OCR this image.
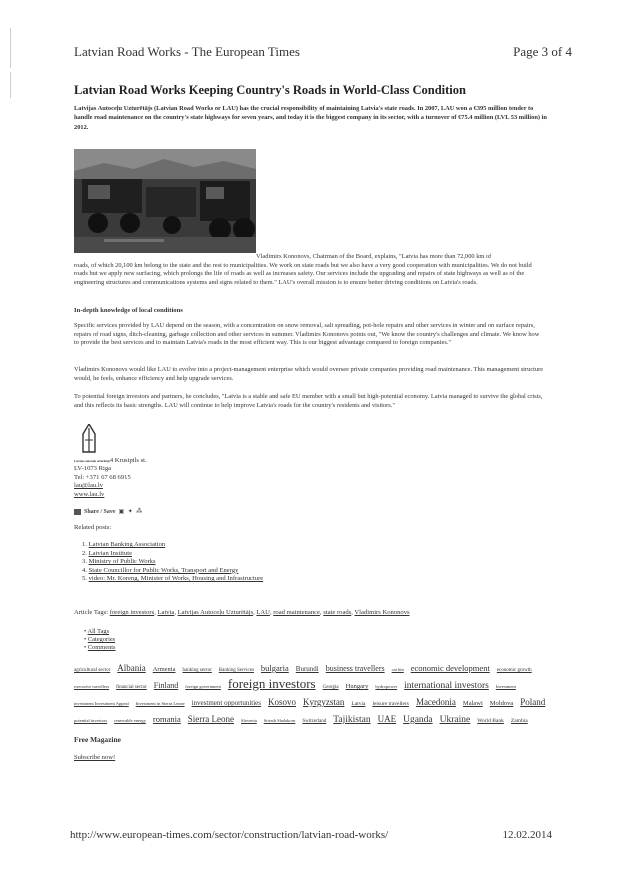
Latvian Road Works - The European Times	Page 3 of 4
Latvian Road Works Keeping Country's Roads in World-Class Condition
Latvijas Autoceļu Uzturētājs (Latvian Road Works or LAU) has the crucial responsibility of maintaining Latvia's state roads. In 2007, LAU won a €395 million tender to handle road maintenance on the country's state highways for seven years, and today it is the biggest company in its sector, with a turnover of €75.4 million (LVL 53 million) in 2012.
Vladimirs Kononovs, Chairman of the Board, explains, "Latvia has more than 72,000 km of
roads, of which 20,100 km belong to the state and the rest to municipalities. We work on state roads but we also have a very good cooperation with municipalities. We do not build roads but we apply new surfacing, which prolongs the life of roads as well as increases safety. Our services include the upgrading and repairs of state highways as well as of the engineering structures and communications systems and signs related to them." LAU's overall mission is to ensure better driving conditions on Latvia's roads.
In-depth knowledge of local conditions
Specific services provided by LAU depend on the season, with a concentration on snow removal, salt spreading, pot-hole repairs and other services in winter and on surface repairs, repairs of road signs, ditch-cleaning, garbage collection and other services in summer. Vladimirs Kononovs points out, "We know the country's challenges and climate. We know how to provide the best services and to maintain Latvia's roads in the most efficient way. This is our biggest advantage compared to foreign companies."
Vladimirs Kononovs would like LAU to evolve into a project-management enterprise which would oversee private companies providing road maintenance. This management structure would, he feels, enhance efficiency and help upgrade services.
To potential foreign investors and partners, he concludes, "Latvia is a stable and safe EU member with a small but high-potential economy. Latvia managed to survive the global crisis, and this reflects its basic strengths. LAU will continue to help improve Latvia's roads for the country's residents and visitors."
Latvijas autoceļu uzturētājs4 Krustpils st.
LV-1073 Riga
Tel: +371 67 68 6915
lau@lau.lv
www.lau.lv
Share / Save ▣ ✦ ⁂
Related posts:
1. Latvian Banking Association
2. Latvian Institute
3. Ministry of Public Works
4. State Councillor for Public Works, Transport and Energy
5. video: Mr. Koreng, Minister of Works, Housing and Infrastructure
Article Tags: foreign investors, Latvia, Latvijas Autoceļu Uzturētājs, LAU, road maintenance, state roads, Vladimirs Kononovs
• All Tags
• Categories
• Comments
agricultural sector Albania Armenia banking sector Banking Services bulgaria Burundi business travellers cat bin economic development economic growth executive travellers financial sector Finland foreign government foreign investors Georgia Hungary hydropower international investors Investment investment Investment Appeal Investment in Sierra Leone investment opportunities Kosovo Kyrgyzstan Latvia leisure travellers Macedonia Malawi Moldova Poland potential investors renewable energy romania Sierra Leone Slovenia Srirath Shalakorn Switzerland Tajikistan UAE Uganda Ukraine World Bank Zambia
Free Magazine
Subscribe now!
http://www.european-times.com/sector/construction/latvian-road-works/	12.02.2014
